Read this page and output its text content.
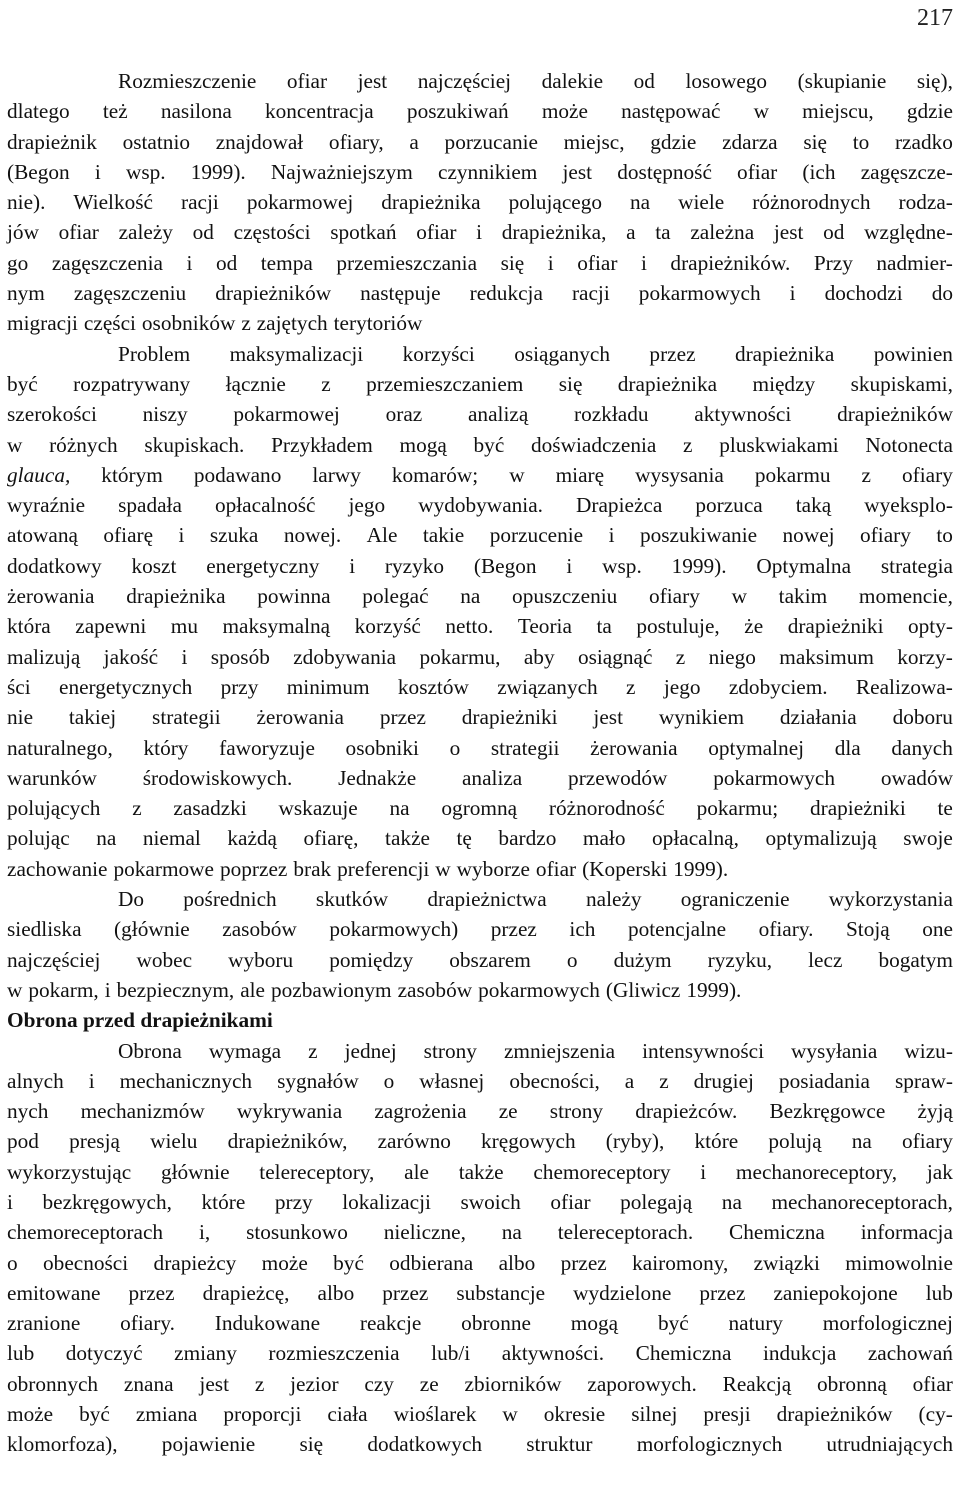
217
Rozmieszczenie ofiar jest najczęściej dalekie od losowego (skupianie się),
dlatego też nasilona koncentracja poszukiwań może następować w miejscu, gdzie
drapieżnik ostatnio znajdował ofiary, a porzucanie miejsc, gdzie zdarza się to rzadko
(Begon i wsp. 1999). Najważniejszym czynnikiem jest dostępność ofiar (ich zagęszcze-
nie). Wielkość racji pokarmowej drapieżnika polującego na wiele różnorodnych rodza-
jów ofiar zależy od częstości spotkań ofiar i drapieżnika, a ta zależna jest od względne-
go zagęszczenia i od tempa przemieszczania się i ofiar i drapieżników. Przy nadmier-
nym zagęszczeniu drapieżników następuje redukcja racji pokarmowych i dochodzi do
migracji części osobników z zajętych terytoriów
Problem maksymalizacji korzyści osiąganych przez drapieżnika powinien
być rozpatrywany łącznie z przemieszczaniem się drapieżnika między skupiskami,
szerokości niszy pokarmowej oraz analizą rozkładu aktywności drapieżników
w różnych skupiskach. Przykładem mogą być doświadczenia z pluskwiakami Notonecta
glauca, którym podawano larwy komarów; w miarę wysysania pokarmu z ofiary
wyraźnie spadała opłacalność jego wydobywania. Drapieżca porzuca taką wyeksplo-
atowaną ofiarę i szuka nowej. Ale takie porzucenie i poszukiwanie nowej ofiary to
dodatkowy koszt energetyczny i ryzyko (Begon i wsp. 1999). Optymalna strategia
żerowania drapieżnika powinna polegać na opuszczeniu ofiary w takim momencie,
która zapewni mu maksymalną korzyść netto. Teoria ta postuluje, że drapieżniki opty-
malizują jakość i sposób zdobywania pokarmu, aby osiągnąć z niego maksimum korzy-
ści energetycznych przy minimum kosztów związanych z jego zdobyciem. Realizowa-
nie takiej strategii żerowania przez drapieżniki jest wynikiem działania doboru
naturalnego, który faworyzuje osobniki o strategii żerowania optymalnej dla danych
warunków środowiskowych. Jednakże analiza przewodów pokarmowych owadów
polujących z zasadzki wskazuje na ogromną różnorodność pokarmu; drapieżniki te
polując na niemal każdą ofiarę, także tę bardzo mało opłacalną, optymalizują swoje
zachowanie pokarmowe poprzez brak preferencji w wyborze ofiar (Koperski 1999).
Do pośrednich skutków drapieżnictwa należy ograniczenie wykorzystania
siedliska (głównie zasobów pokarmowych) przez ich potencjalne ofiary. Stoją one
najczęściej wobec wyboru pomiędzy obszarem o dużym ryzyku, lecz bogatym
w pokarm, i bezpiecznym, ale pozbawionym zasobów pokarmowych (Gliwicz 1999).
Obrona przed drapieżnikami
Obrona wymaga z jednej strony zmniejszenia intensywności wysyłania wizu-
alnych i mechanicznych sygnałów o własnej obecności, a z drugiej posiadania spraw-
nych mechanizmów wykrywania zagrożenia ze strony drapieżców. Bezkręgowce żyją
pod presją wielu drapieżników, zarówno kręgowych (ryby), które polują na ofiary
wykorzystując głównie telereceptory, ale także chemoreceptory i mechanoreceptory, jak
i bezkręgowych, które przy lokalizacji swoich ofiar polegają na mechanoreceptorach,
chemoreceptorach i, stosunkowo nieliczne, na telereceptorach. Chemiczna informacja
o obecności drapieżcy może być odbierana albo przez kairomony, związki mimowolnie
emitowane przez drapieżcę, albo przez substancje wydzielone przez zaniepokojone lub
zranione ofiary. Indukowane reakcje obronne mogą być natury morfologicznej
lub dotyczyć zmiany rozmieszczenia lub/i aktywności. Chemiczna indukcja zachowań
obronnych znana jest z jezior czy ze zbiorników zaporowych. Reakcją obronną ofiar
może być zmiana proporcji ciała wioślarek w okresie silnej presji drapieżników (cy-
klomorfoza), pojawienie się dodatkowych struktur morfologicznych utrudniających
